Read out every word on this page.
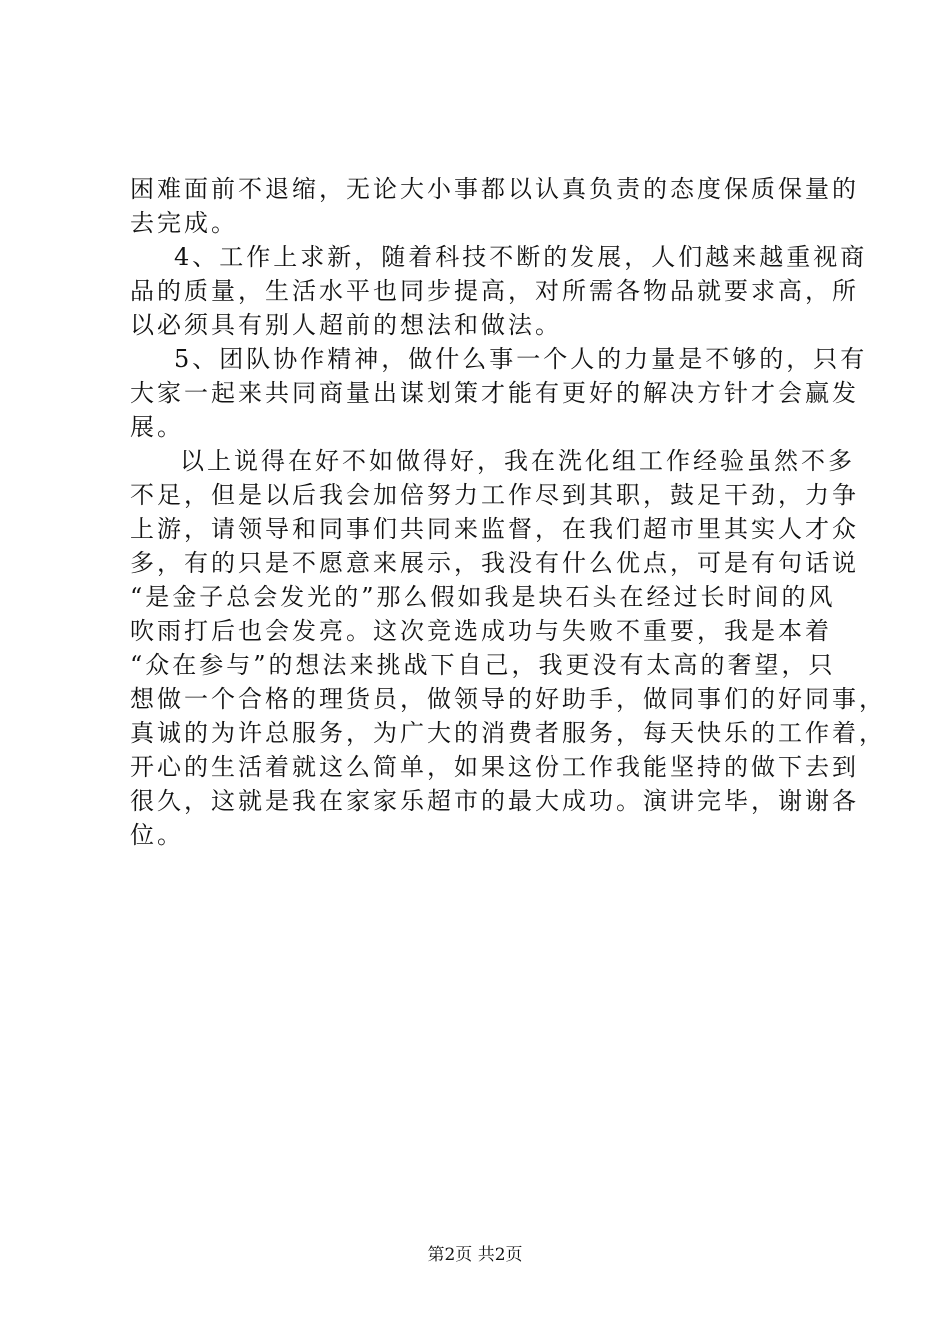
困难面前不退缩，无论大小事都以认真负责的态度保质保量的
去完成。
4、工作上求新，随着科技不断的发展，人们越来越重视商
品的质量，生活水平也同步提高，对所需各物品就要求高，所
以必须具有别人超前的想法和做法。
5、团队协作精神，做什么事一个人的力量是不够的，只有
大家一起来共同商量出谋划策才能有更好的解决方针才会赢发
展。
以上说得在好不如做得好，我在洗化组工作经验虽然不多
不足，但是以后我会加倍努力工作尽到其职，鼓足干劲，力争
上游，请领导和同事们共同来监督，在我们超市里其实人才众
多，有的只是不愿意来展示，我没有什么优点，可是有句话说
“是金子总会发光的”那么假如我是块石头在经过长时间的风
吹雨打后也会发亮。这次竞选成功与失败不重要，我是本着
“众在参与”的想法来挑战下自己，我更没有太高的奢望，只
想做一个合格的理货员，做领导的好助手，做同事们的好同事，
真诚的为许总服务，为广大的消费者服务，每天快乐的工作着，
开心的生活着就这么简单，如果这份工作我能坚持的做下去到
很久，这就是我在家家乐超市的最大成功。演讲完毕，谢谢各
位。
第2页 共2页
